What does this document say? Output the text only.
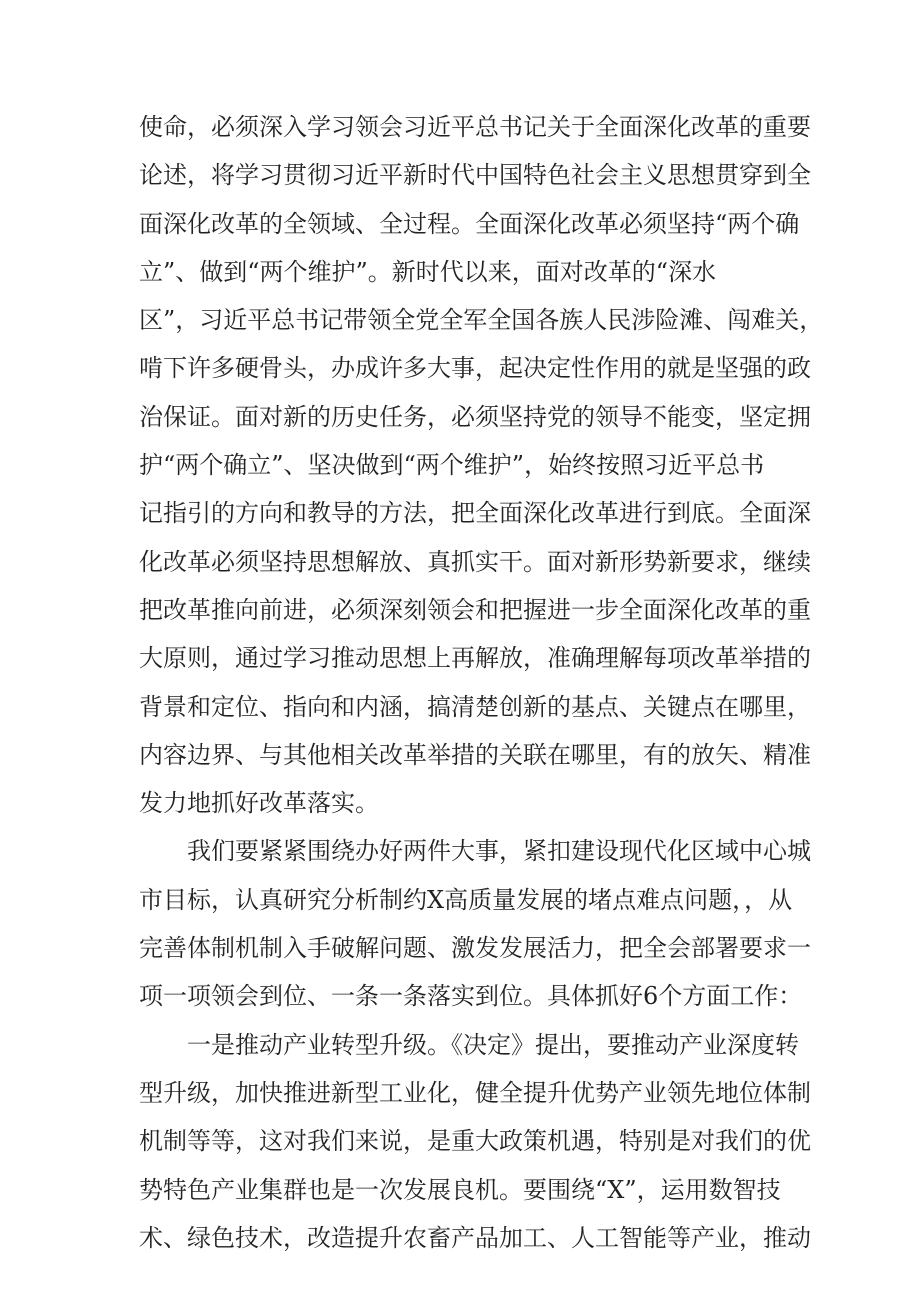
使命，必须深入学习领会习近平总书记关于全面深化改革的重要
论述，将学习贯彻习近平新时代中国特色社会主义思想贯穿到全
面深化改革的全领域、全过程。全面深化改革必须坚持“两个确
立”、做到“两个维护”。新时代以来，面对改革的“深水
区”，习近平总书记带领全党全军全国各族人民涉险滩、闯难关，
啃下许多硬骨头，办成许多大事，起决定性作用的就是坚强的政
治保证。面对新的历史任务，必须坚持党的领导不能变，坚定拥
护“两个确立”、坚决做到“两个维护”，始终按照习近平总书
记指引的方向和教导的方法，把全面深化改革进行到底。全面深
化改革必须坚持思想解放、真抓实干。面对新形势新要求，继续
把改革推向前进，必须深刻领会和把握进一步全面深化改革的重
大原则，通过学习推动思想上再解放，准确理解每项改革举措的
背景和定位、指向和内涵，搞清楚创新的基点、关键点在哪里，
内容边界、与其他相关改革举措的关联在哪里，有的放矢、精准
发力地抓好改革落实。

我们要紧紧围绕办好两件大事，紧扣建设现代化区域中心城
市目标，认真研究分析制约X高质量发展的堵点难点问题，，从
完善体制机制入手破解问题、激发发展活力，把全会部署要求一
项一项领会到位、一条一条落实到位。具体抓好6个方面工作：

一是推动产业转型升级。《决定》提出，要推动产业深度转
型升级，加快推进新型工业化，健全提升优势产业领先地位体制
机制等等，这对我们来说，是重大政策机遇，特别是对我们的优
势特色产业集群也是一次发展良机。要围绕“X”，运用数智技
术、绿色技术，改造提升农畜产品加工、人工智能等产业，推动
